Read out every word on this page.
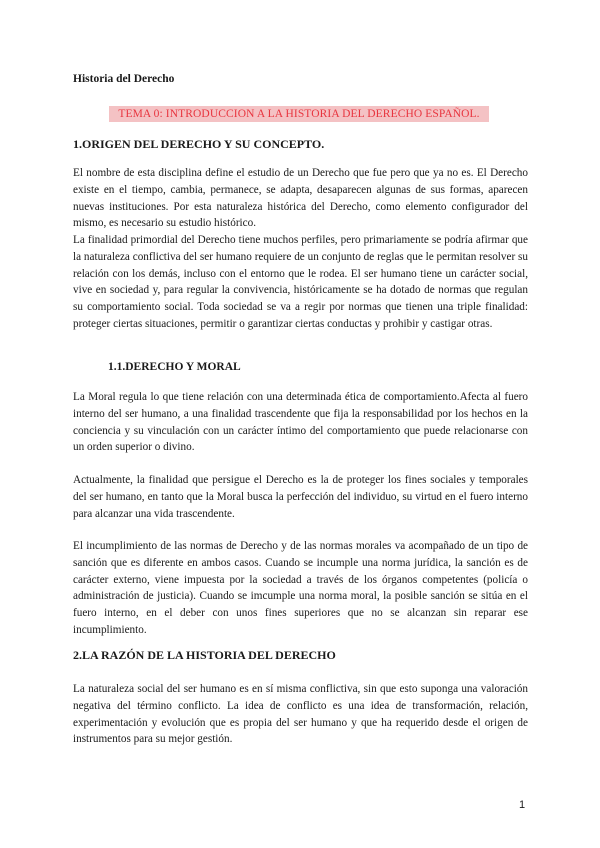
Historia del Derecho
TEMA 0: INTRODUCCION A LA HISTORIA DEL DERECHO ESPAÑOL.
1.ORIGEN DEL DERECHO Y SU CONCEPTO.

El nombre de esta disciplina define el estudio de un Derecho que fue pero que ya no es. El Derecho existe en el tiempo, cambia, permanece, se adapta, desaparecen algunas de sus formas, aparecen nuevas instituciones. Por esta naturaleza histórica del Derecho, como elemento configurador del mismo, es necesario su estudio histórico.

La finalidad primordial del Derecho tiene muchos perfiles, pero primariamente se podría afirmar que la naturaleza conflictiva del ser humano requiere de un conjunto de reglas que le permitan resolver su relación con los demás, incluso con el entorno que le rodea. El ser humano tiene un carácter social, vive en sociedad y, para regular la convivencia, históricamente se ha dotado de normas que regulan su comportamiento social. Toda sociedad se va a regir por normas que tienen una triple finalidad: proteger ciertas situaciones, permitir o garantizar ciertas conductas y prohibir y castigar otras.

1.1.DERECHO Y MORAL

La Moral regula lo que tiene relación con una determinada ética de comportamiento.Afecta al fuero interno del ser humano, a una finalidad trascendente que fija la responsabilidad por los hechos en la conciencia y su vinculación con un carácter íntimo del comportamiento que puede relacionarse con un orden superior o divino.

Actualmente, la finalidad que persigue el Derecho es la de proteger los fines sociales y temporales del ser humano, en tanto que la Moral busca la perfección del individuo, su virtud en el fuero interno para alcanzar una vida trascendente.

El incumplimiento de las normas de Derecho y de las normas morales va acompañado de un tipo de sanción que es diferente en ambos casos. Cuando se incumple una norma jurídica, la sanción es de carácter externo, viene impuesta por la sociedad a través de los órganos competentes (policía o administración de justicia). Cuando se imcumple una norma moral, la posible sanción se sitúa en el fuero interno, en el deber con unos fines superiores que no se alcanzan sin reparar ese incumplimiento.

2.LA RAZÓN DE LA HISTORIA DEL DERECHO

La naturaleza social del ser humano es en sí misma conflictiva, sin que esto suponga una valoración negativa del término conflicto. La idea de conflicto es una idea de transformación, relación, experimentación y evolución que es propia del ser humano y que ha requerido desde el origen de instrumentos para su mejor gestión.

1
